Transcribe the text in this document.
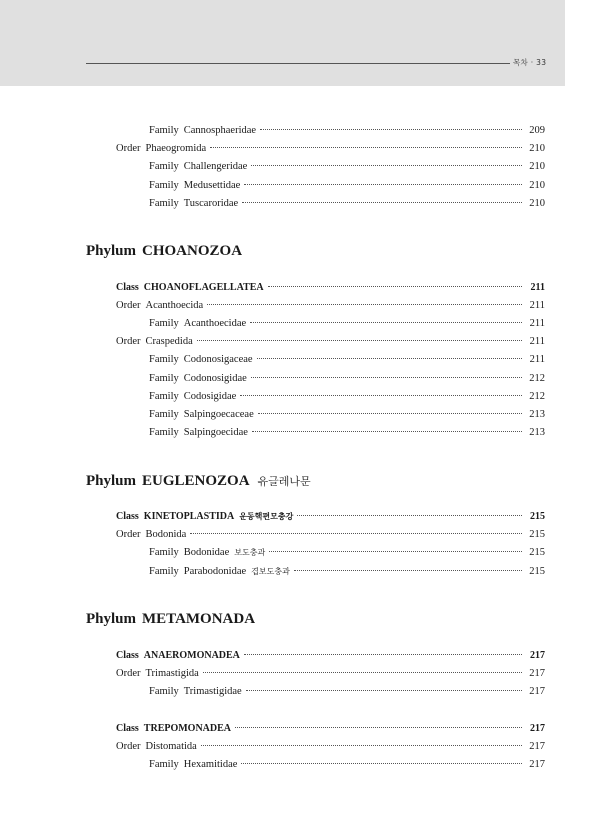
목차 · 33
Family Cannosphaeridae	209
Order Phaeogromida	210
Family Challengeridae	210
Family Medusettidae	210
Family Tuscaroridae	210
Phylum CHOANOZOA
Class CHOANOFLAGELLATEA	211
Order Acanthoecida	211
Family Acanthoecidae	211
Order Craspedida	211
Family Codonosigaceae	211
Family Codonosigidae	212
Family Codosigidae	212
Family Salpingoecaceae	213
Family Salpingoecidae	213
Phylum EUGLENOZOA 유글레나문
Class KINETOPLASTIDA 운동핵편모충강	215
Order Bodonida	215
Family Bodonidae 보도충과	215
Family Parabodonidae 겹보도충과	215
Phylum METAMONADA
Class ANAEROMONADEA	217
Order Trimastigida	217
Family Trimastigidae	217
Class TREPOMONADEA	217
Order Distomatida	217
Family Hexamitidae	217
